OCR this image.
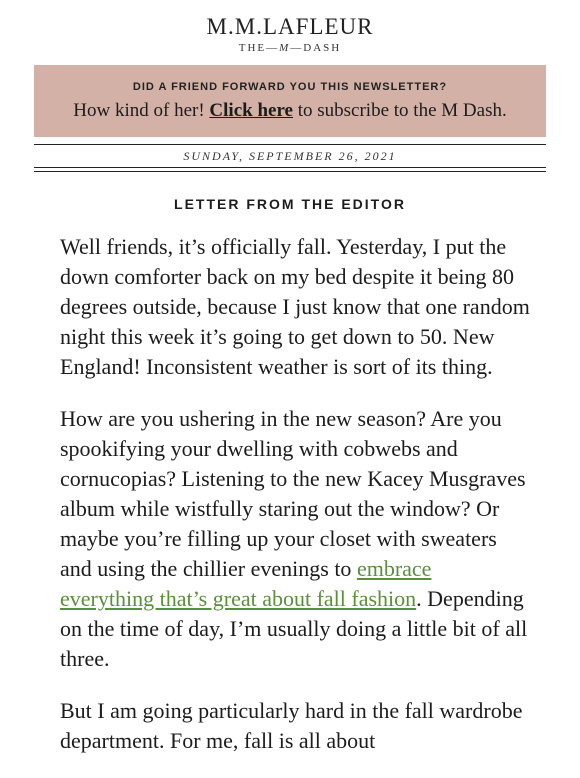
M.M.LAFLEUR
THE—M—DASH
DID A FRIEND FORWARD YOU THIS NEWSLETTER?
How kind of her! Click here to subscribe to the M Dash.
SUNDAY, SEPTEMBER 26, 2021
LETTER FROM THE EDITOR

Well friends, it’s officially fall. Yesterday, I put the down comforter back on my bed despite it being 80 degrees outside, because I just know that one random night this week it’s going to get down to 50. New England! Inconsistent weather is sort of its thing.

How are you ushering in the new season? Are you spookifying your dwelling with cobwebs and cornucopias? Listening to the new Kacey Musgraves album while wistfully staring out the window? Or maybe you’re filling up your closet with sweaters and using the chillier evenings to embrace everything that’s great about fall fashion. Depending on the time of day, I’m usually doing a little bit of all three.

But I am going particularly hard in the fall wardrobe department. For me, fall is all about
